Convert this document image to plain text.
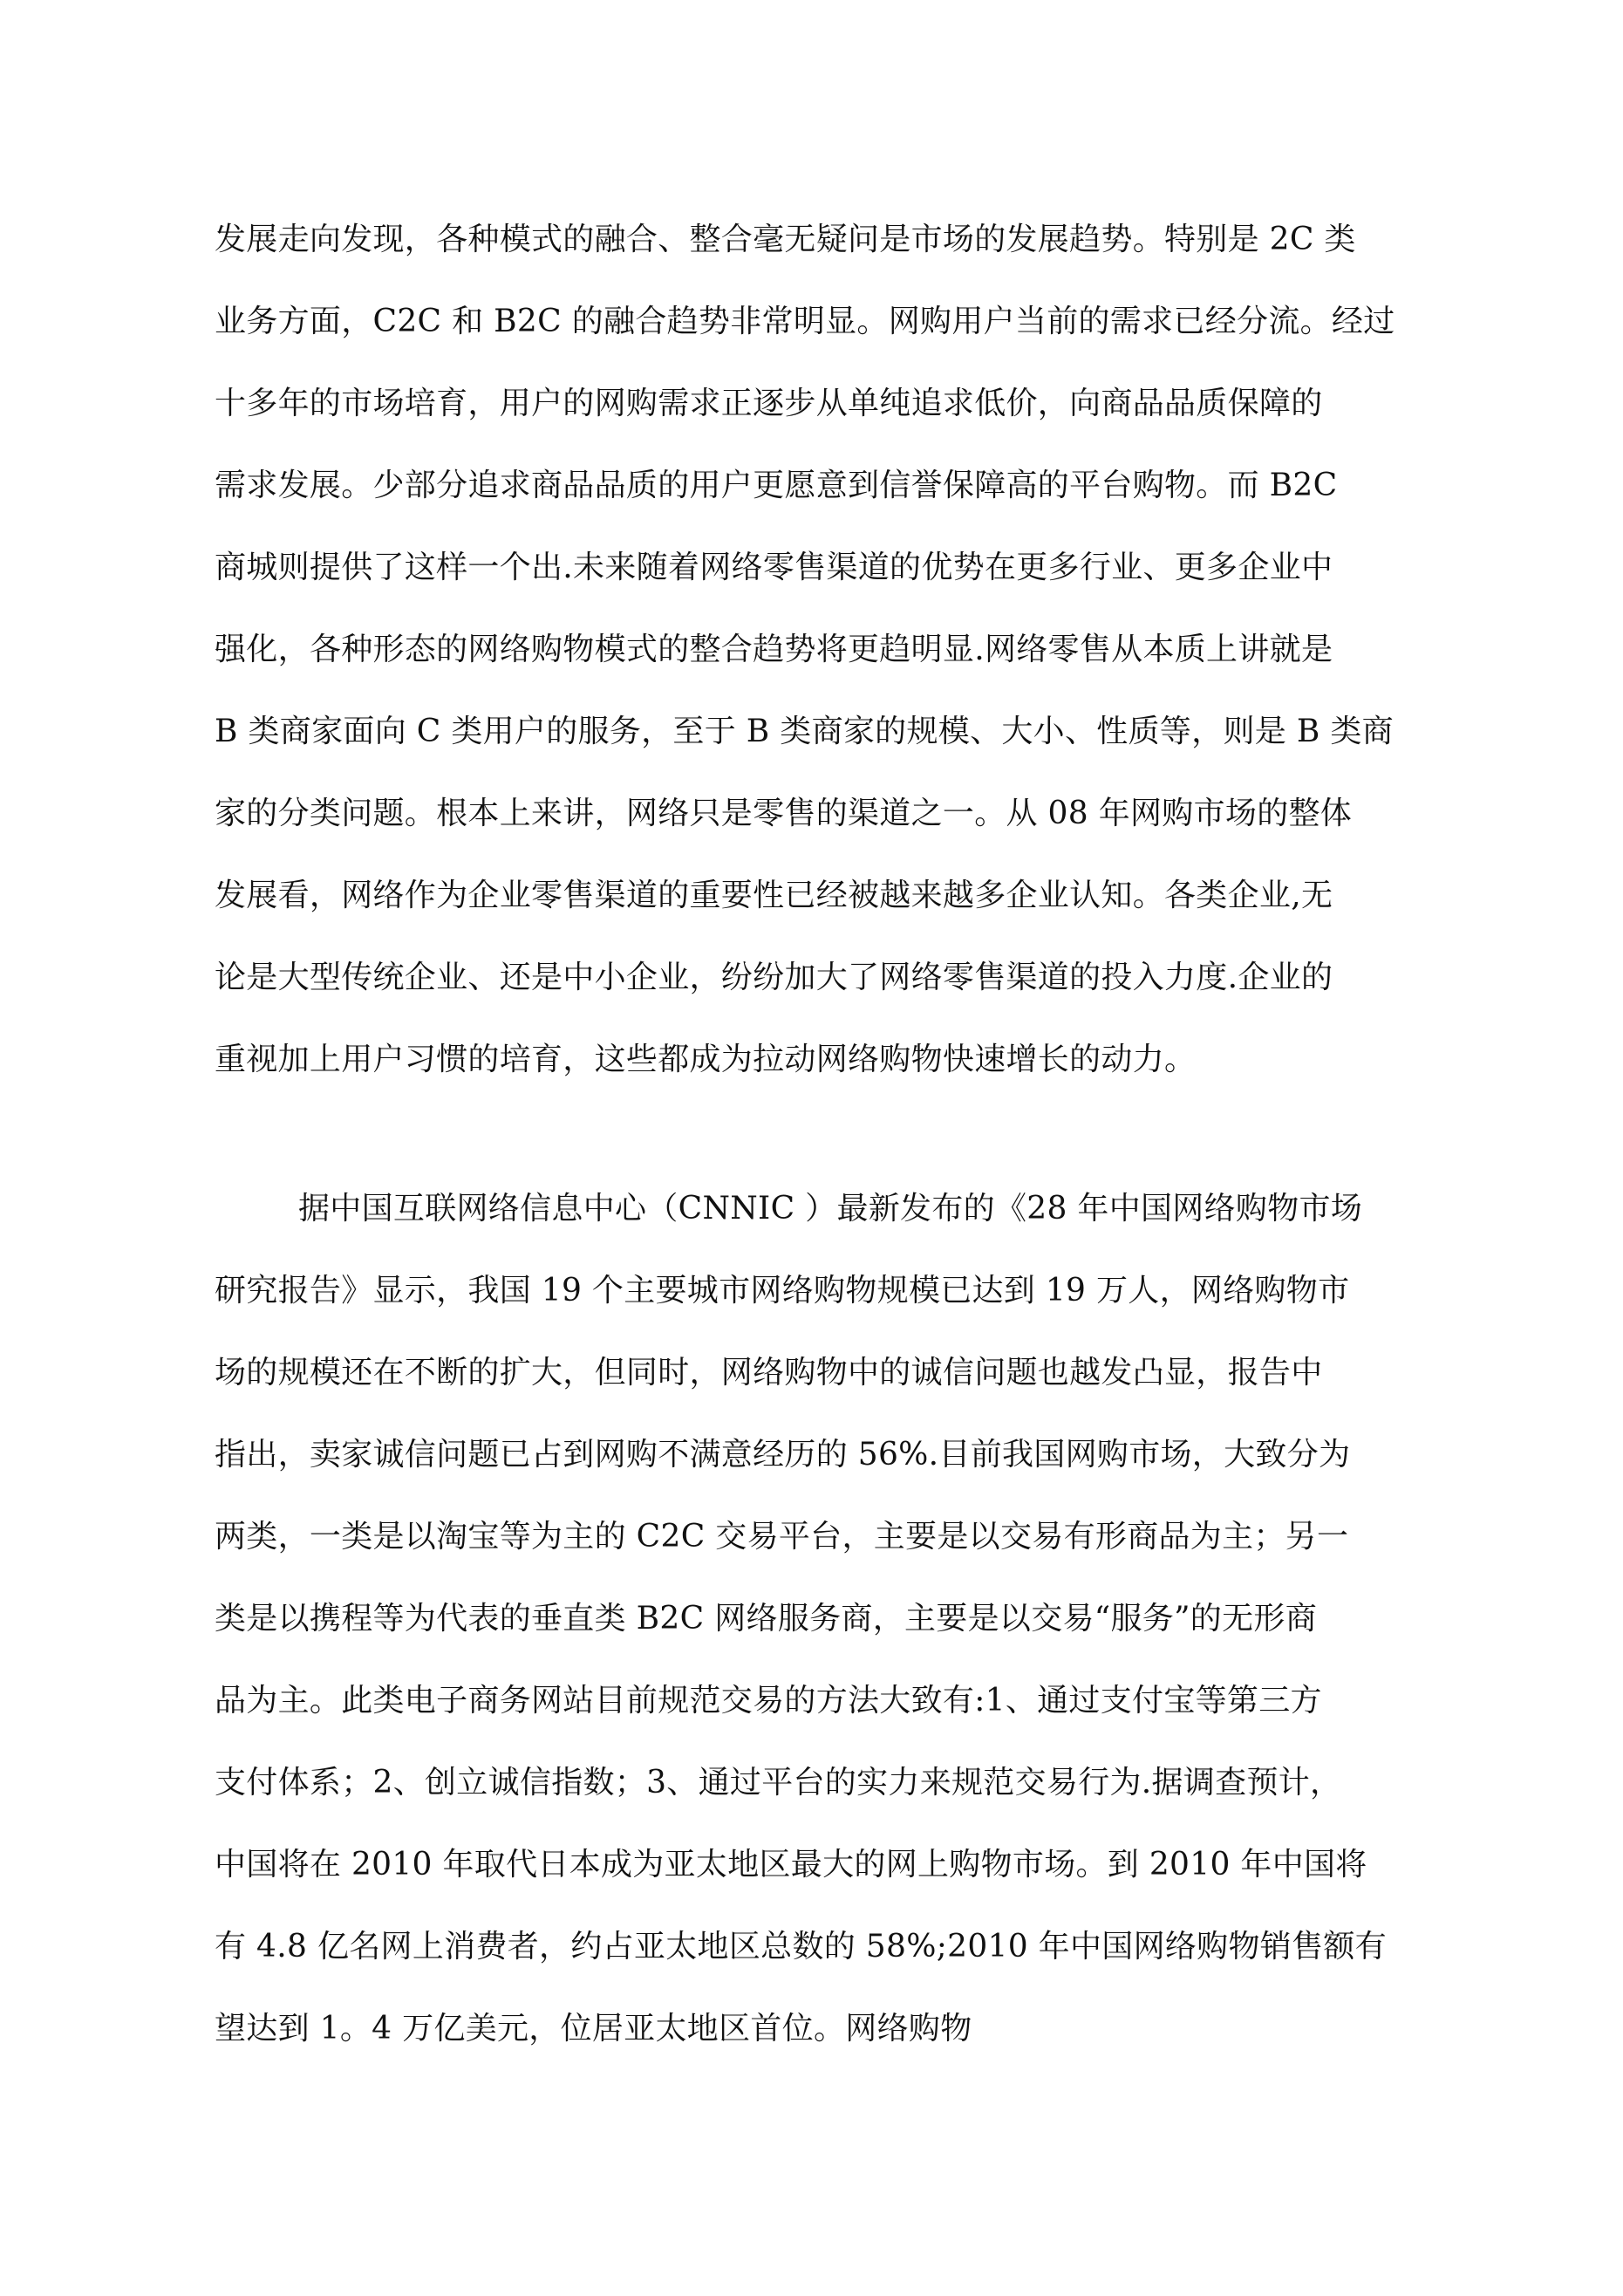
发展走向发现，各种模式的融合、整合毫无疑问是市场的发展趋势。特别是 2C 类
业务方面，C2C 和 B2C 的融合趋势非常明显。网购用户当前的需求已经分流。经过
十多年的市场培育，用户的网购需求正逐步从单纯追求低价，向商品品质保障的
需求发展。少部分追求商品品质的用户更愿意到信誉保障高的平台购物。而 B2C
商城则提供了这样一个出.未来随着网络零售渠道的优势在更多行业、更多企业中
强化，各种形态的网络购物模式的整合趋势将更趋明显.网络零售从本质上讲就是
B 类商家面向 C 类用户的服务，至于 B 类商家的规模、大小、性质等，则是 B 类商
家的分类问题。根本上来讲，网络只是零售的渠道之一。从 08 年网购市场的整体
发展看，网络作为企业零售渠道的重要性已经被越来越多企业认知。各类企业,无
论是大型传统企业、还是中小企业，纷纷加大了网络零售渠道的投入力度.企业的
重视加上用户习惯的培育，这些都成为拉动网络购物快速增长的动力。
据中国互联网络信息中心（CNNIC ）最新发布的《28 年中国网络购物市场
研究报告》显示，我国 19 个主要城市网络购物规模已达到 19 万人，网络购物市
场的规模还在不断的扩大，但同时，网络购物中的诚信问题也越发凸显，报告中
指出，卖家诚信问题已占到网购不满意经历的 56%.目前我国网购市场，大致分为
两类，一类是以淘宝等为主的 C2C 交易平台，主要是以交易有形商品为主；另一
类是以携程等为代表的垂直类 B2C 网络服务商，主要是以交易“服务”的无形商
品为主。此类电子商务网站目前规范交易的方法大致有:1、通过支付宝等第三方
支付体系；2、创立诚信指数；3、通过平台的实力来规范交易行为.据调查预计，
中国将在 2010 年取代日本成为亚太地区最大的网上购物市场。到 2010 年中国将
有 4.8 亿名网上消费者，约占亚太地区总数的 58%;2010 年中国网络购物销售额有
望达到 1。4 万亿美元，位居亚太地区首位。网络购物
